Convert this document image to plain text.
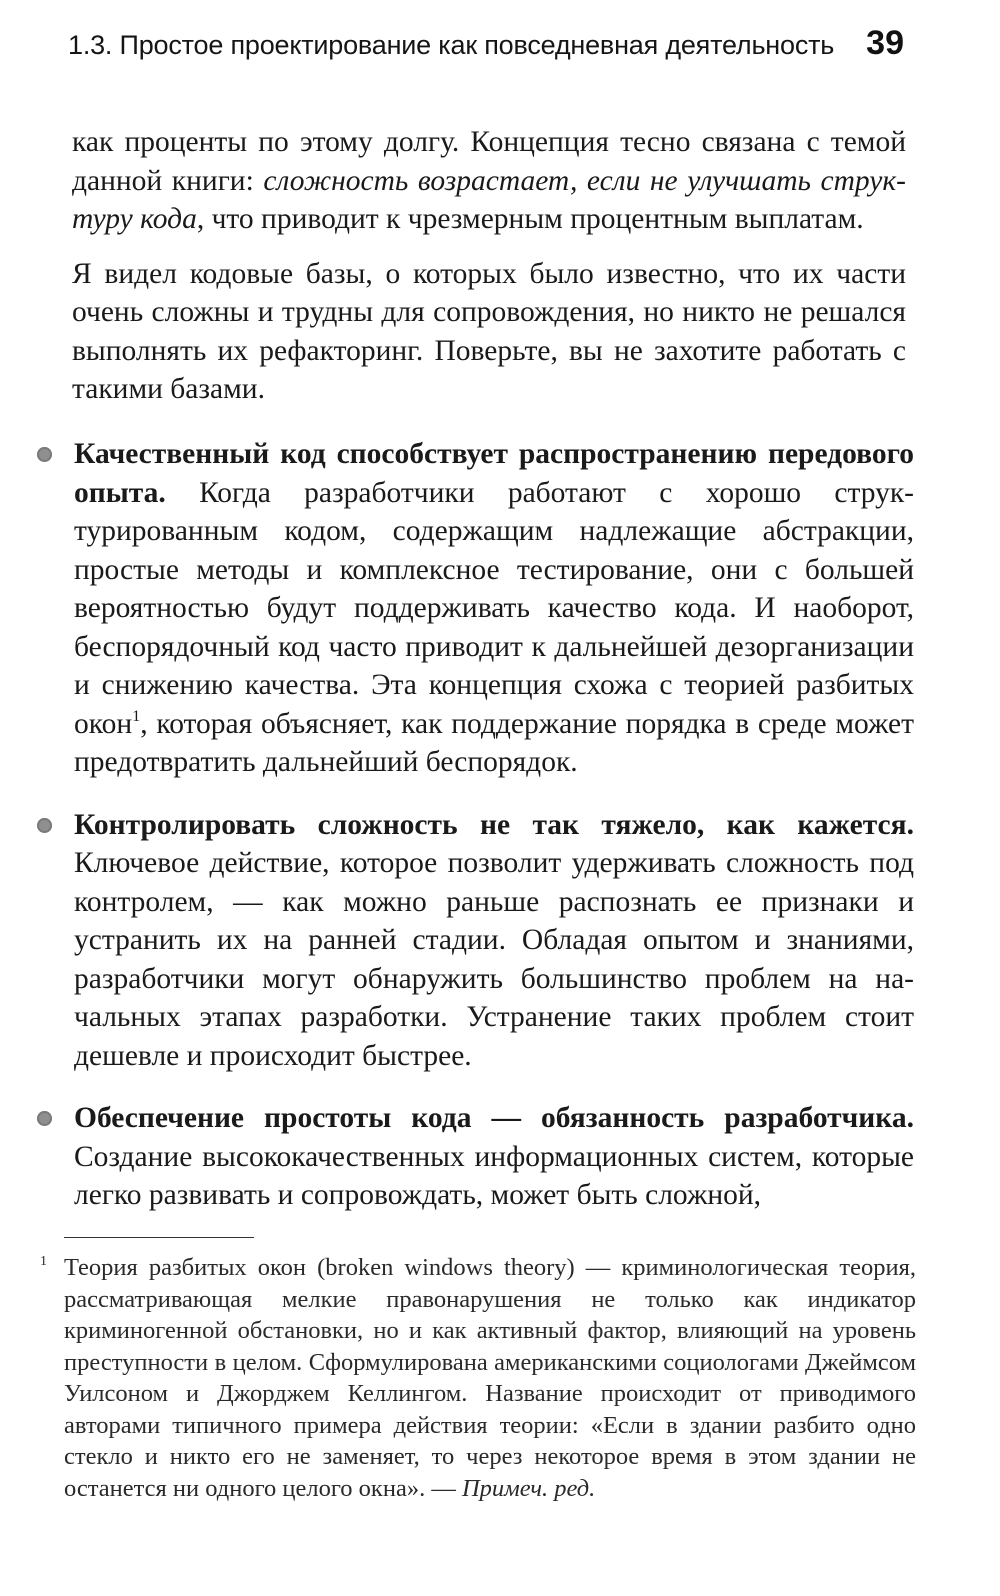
1.3. Простое проектирование как повседневная деятельность 39

как проценты по этому долгу. Концепция тесно связана с темой данной книги: сложность возрастает, если не улучшать структуру кода, что приводит к чрезмерным процентным выплатам.

Я видел кодовые базы, о которых было известно, что их части очень сложны и трудны для сопровождения, но никто не решался выполнять их рефакторинг. Поверьте, вы не захотите работать с такими базами.

Качественный код способствует распространению передового опыта. Когда разработчики работают с хорошо структурированным кодом, содержащим надлежащие абстракции, простые методы и комплексное тестирование, они с большей вероятностью будут поддерживать качество кода. И наоборот, беспорядочный код часто приводит к дальнейшей дезорганизации и снижению качества. Эта концепция схожа с теорией разбитых окон$^1$, которая объясняет, как поддержание порядка в среде может предотвратить дальнейший беспорядок.

Контролировать сложность не так тяжело, как кажется. Ключевое действие, которое позволит удерживать сложность под контролем, — как можно раньше распознать ее признаки и устранить их на ранней стадии. Обладая опытом и знаниями, разработчики могут обнаружить большинство проблем на начальных этапах разработки. Устранение таких проблем стоит дешевле и происходит быстрее.

Обеспечение простоты кода — обязанность разработчика. Создание высококачественных информационных систем, которые легко развивать и сопровождать, может быть сложной,

1 Теория разбитых окон (broken windows theory) — криминологическая теория, рассматривающая мелкие правонарушения не только как индикатор криминогенной обстановки, но и как активный фактор, влияющий на уровень преступности в целом. Сформулирована американскими социологами Джеймсом Уилсоном и Джорджем Келлингом. Название происходит от приводимого авторами типичного примера действия теории: «Если в здании разбито одно стекло и никто его не заменяет, то через некоторое время в этом здании не останется ни одного целого окна». — Примеч. ред.
